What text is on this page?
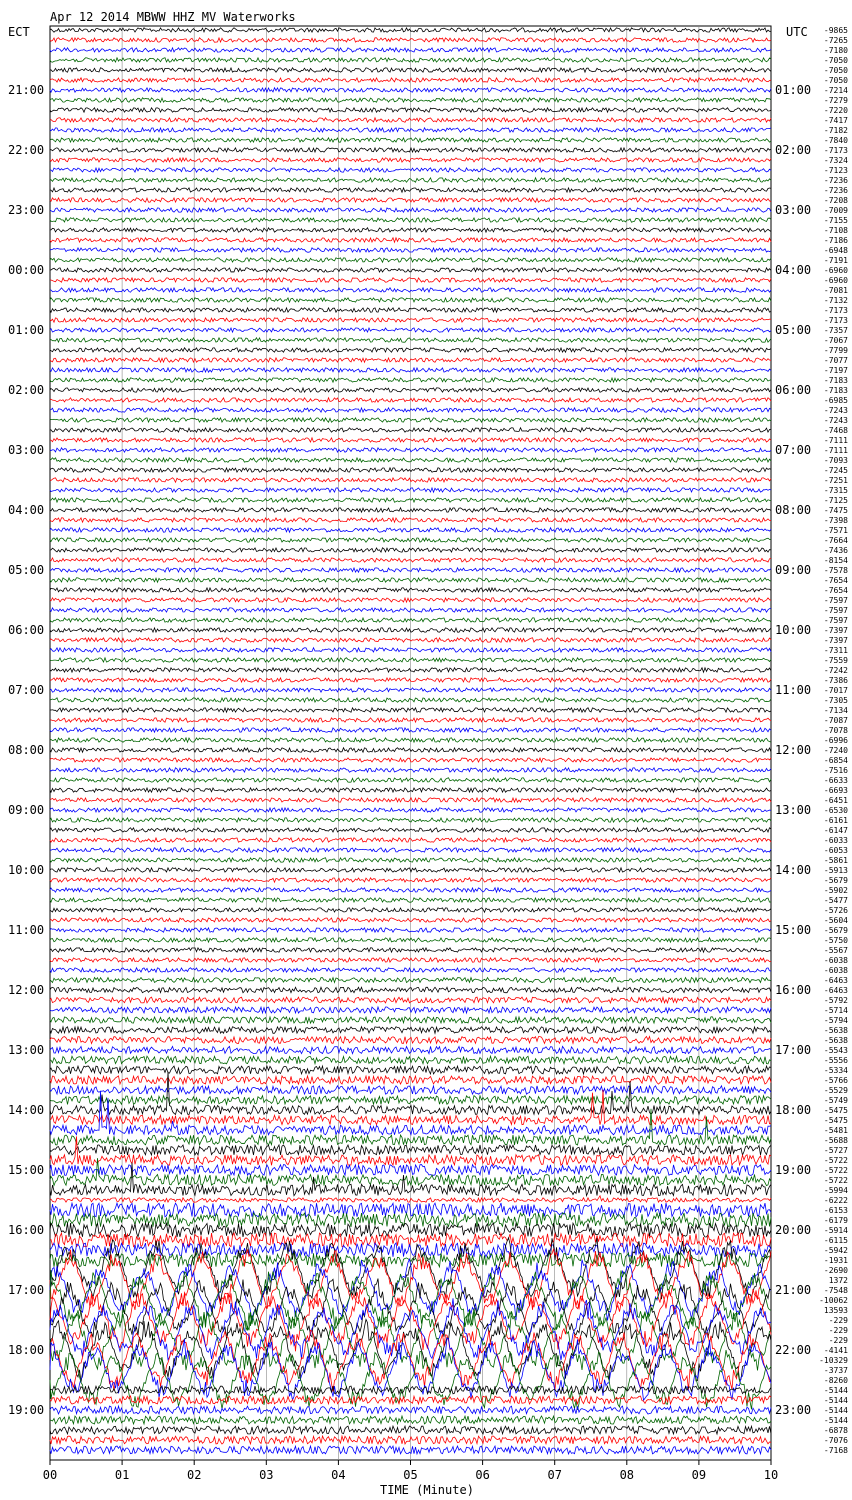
Apr 12 2014 MBWW HHZ MV Waterworks
ECT	UTC
21:00
22:00
23:00
00:00
01:00
02:00
03:00
04:00
05:00
06:00
07:00
08:00
09:00
10:00
11:00
12:00
13:00
14:00
15:00
16:00
17:00
18:00
19:00
01:00
02:00
03:00
04:00
05:00
06:00
07:00
08:00
09:00
10:00
11:00
12:00
13:00
14:00
15:00
16:00
17:00
18:00
19:00
20:00
21:00
22:00
23:00
-9865
-7265
-7180
-7050
-7050
-7050
-7214
-7279
-7220
-7417
-7182
-7840
-7173
-7324
-7123
-7236
-7236
-7208
-7009
-7155
-7108
-7186
-6948
-7191
-6960
-6960
-7081
-7132
-7173
-7173
-7357
-7067
-7799
-7077
-7197
-7183
-7183
-6985
-7243
-7243
-7468
-7111
-7111
-7093
-7245
-7251
-7315
-7125
-7475
-7398
-7571
-7664
-7436
-8154
-7578
-7654
-7654
-7597
-7597
-7597
-7397
-7397
-7311
-7559
-7242
-7386
-7017
-7305
-7134
-7087
-7078
-6996
-7240
-6854
-7516
-6633
-6693
-6451
-6530
-6161
-6147
-6033
-6053
-5861
-5913
-5679
-5902
-5477
-5726
-5604
-5679
-5750
-5567
-6038
-6038
-6463
-6463
-5792
-5714
-5794
-5638
-5638
-5543
-5556
-5334
-5766
-5529
-5749
-5475
-5475
-5481
-5688
-5727
-5722
-5722
-5722
-5994
-6222
-6153
-6179
-5914
-6115
-5942
-1931
-2690
1372
-7548
-10062
13593
-229
-229
-229
-4141
-10329
-3737
-8260
-5144
-5144
-5144
-5144
-6878
-7076
-7168
00	01	02	03	04	05	06	07	08	09	10
TIME (Minute)
